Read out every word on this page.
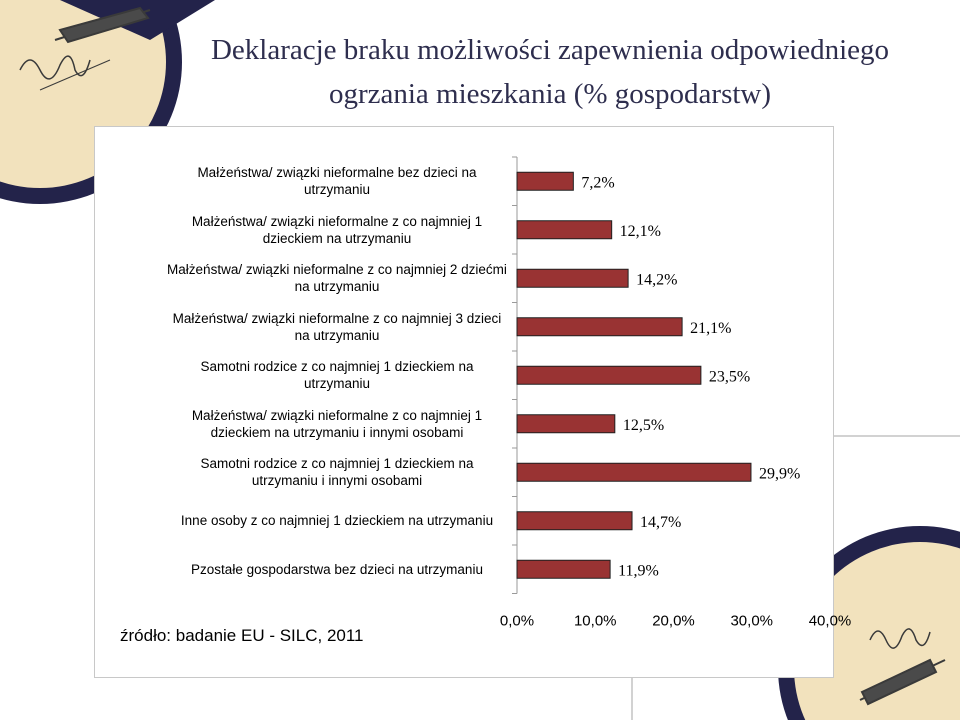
Deklaracje braku możliwości zapewnienia odpowiedniego
ogrzania mieszkania (% gospodarstw)
7,2%
12,1%
14,2%
21,1%
23,5%
12,5%
29,9%
14,7%
11,9%
0,0%	10,0% 20,0% 30,0% 40,0%
Małżeństwa/ związki nieformalne bez dzieci na utrzymaniu
Małżeństwa/ związki nieformalne z co najmniej 1 dzieckiem na utrzymaniu
Małżeństwa/ związki nieformalne z co najmniej 2 dziećmi na utrzymaniu
Małżeństwa/ związki nieformalne z co najmniej 3 dzieci na utrzymaniu
Samotni rodzice z co najmniej 1 dzieckiem na utrzymaniu
Małżeństwa/ związki nieformalne z co najmniej 1 dzieckiem na utrzymaniu i innymi osobami
Samotni rodzice z co najmniej 1 dzieckiem na utrzymaniu i innymi osobami
Inne osoby z co najmniej 1 dzieckiem na utrzymaniu
Pzostałe gospodarstwa bez dzieci na utrzymaniu
źródło: badanie EU - SILC, 2011
